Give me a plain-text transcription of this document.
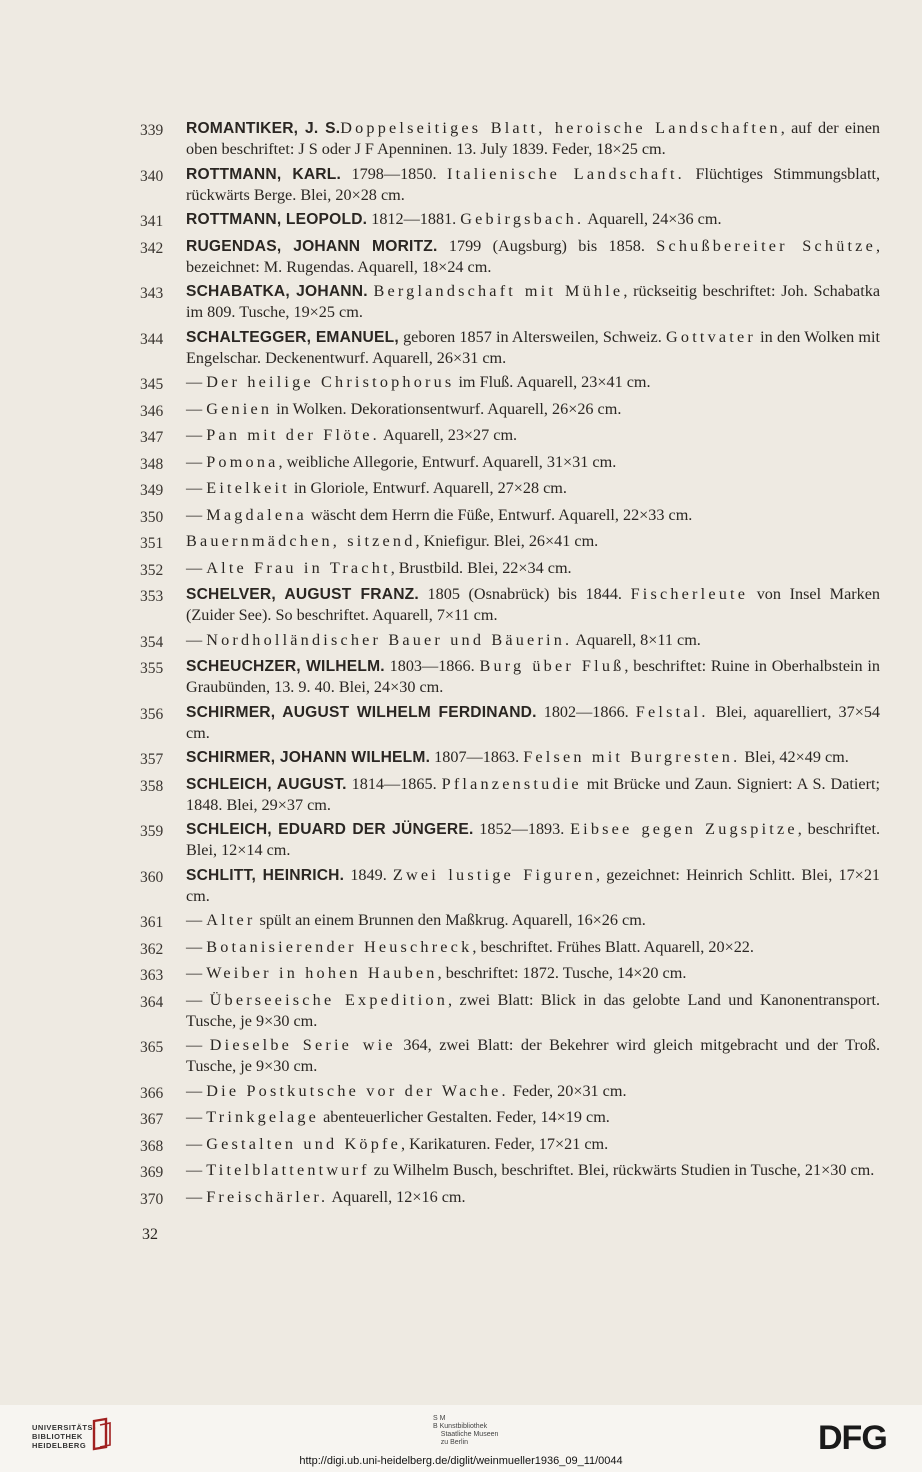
339	ROMANTIKER, J. S.Doppelseitiges Blatt, heroische Landschaften, auf der einen oben beschriftet: J S oder J F Apenninen. 13. July 1839. Feder, 18×25 cm.
340	ROTTMANN, KARL. 1798—1850. Italienische Landschaft. Flüchtiges Stimmungsblatt, rückwärts Berge. Blei, 20×28 cm.
341	ROTTMANN, LEOPOLD. 1812—1881. Gebirgsbach. Aquarell, 24×36 cm.
342	RUGENDAS, JOHANN MORITZ. 1799 (Augsburg) bis 1858. Schußbereiter Schütze, bezeichnet: M. Rugendas. Aquarell, 18×24 cm.
343	SCHABATKA, JOHANN. Berglandschaft mit Mühle, rückseitig beschriftet: Joh. Schabatka im 809. Tusche, 19×25 cm.
344	SCHALTEGGER, EMANUEL, geboren 1857 in Altersweilen, Schweiz. Gottvater in den Wolken mit Engelschar. Deckenentwurf. Aquarell, 26×31 cm.
345	— Der heilige Christophorus im Fluß. Aquarell, 23×41 cm.
346	— Genien in Wolken. Dekorationsentwurf. Aquarell, 26×26 cm.
347	— Pan mit der Flöte. Aquarell, 23×27 cm.
348	— Pomona, weibliche Allegorie, Entwurf. Aquarell, 31×31 cm.
349	— Eitelkeit in Gloriole, Entwurf. Aquarell, 27×28 cm.
350	— Magdalena wäscht dem Herrn die Füße, Entwurf. Aquarell, 22×33 cm.
351	Bauernmädchen, sitzend, Kniefigur. Blei, 26×41 cm.
352	— Alte Frau in Tracht, Brustbild. Blei, 22×34 cm.
353	SCHELVER, AUGUST FRANZ. 1805 (Osnabrück) bis 1844. Fischerleute von Insel Marken (Zuider See). So beschriftet. Aquarell, 7×11 cm.
354	— Nordholländischer Bauer und Bäuerin. Aquarell, 8×11 cm.
355	SCHEUCHZER, WILHELM. 1803—1866. Burg über Fluß, beschriftet: Ruine in Oberhalbstein in Graubünden, 13. 9. 40. Blei, 24×30 cm.
356	SCHIRMER, AUGUST WILHELM FERDINAND. 1802—1866. Felstal. Blei, aquarelliert, 37×54 cm.
357	SCHIRMER, JOHANN WILHELM. 1807—1863. Felsen mit Burgresten. Blei, 42×49 cm.
358	SCHLEICH, AUGUST. 1814—1865. Pflanzenstudie mit Brücke und Zaun. Signiert: A S. Datiert; 1848. Blei, 29×37 cm.
359	SCHLEICH, EDUARD DER JÜNGERE. 1852—1893. Eibsee gegen Zugspitze, beschriftet. Blei, 12×14 cm.
360	SCHLITT, HEINRICH. 1849. Zwei lustige Figuren, gezeichnet: Heinrich Schlitt. Blei, 17×21 cm.
361	— Alter spült an einem Brunnen den Maßkrug. Aquarell, 16×26 cm.
362	— Botanisierender Heuschreck, beschriftet. Frühes Blatt. Aquarell, 20×22.
363	— Weiber in hohen Hauben, beschriftet: 1872. Tusche, 14×20 cm.
364	— Überseeische Expedition, zwei Blatt: Blick in das gelobte Land und Kanonentransport. Tusche, je 9×30 cm.
365	— Dieselbe Serie wie 364, zwei Blatt: der Bekehrer wird gleich mitgebracht und der Troß. Tusche, je 9×30 cm.
366	— Die Postkutsche vor der Wache. Feder, 20×31 cm.
367	— Trinkgelage abenteuerlicher Gestalten. Feder, 14×19 cm.
368	— Gestalten und Köpfe, Karikaturen. Feder, 17×21 cm.
369	— Titelblattentwurf zu Wilhelm Busch, beschriftet. Blei, rückwärts Studien in Tusche, 21×30 cm.
370	— Freischärler. Aquarell, 12×16 cm.
32
UNIVERSITÄTS-
BIBLIOTHEK
HEIDELBERG
S M
B Kunstbibliothek
Staatliche Museen
zu Berlin	DFG
http://digi.ub.uni-heidelberg.de/diglit/weinmueller1936_09_11/0044
